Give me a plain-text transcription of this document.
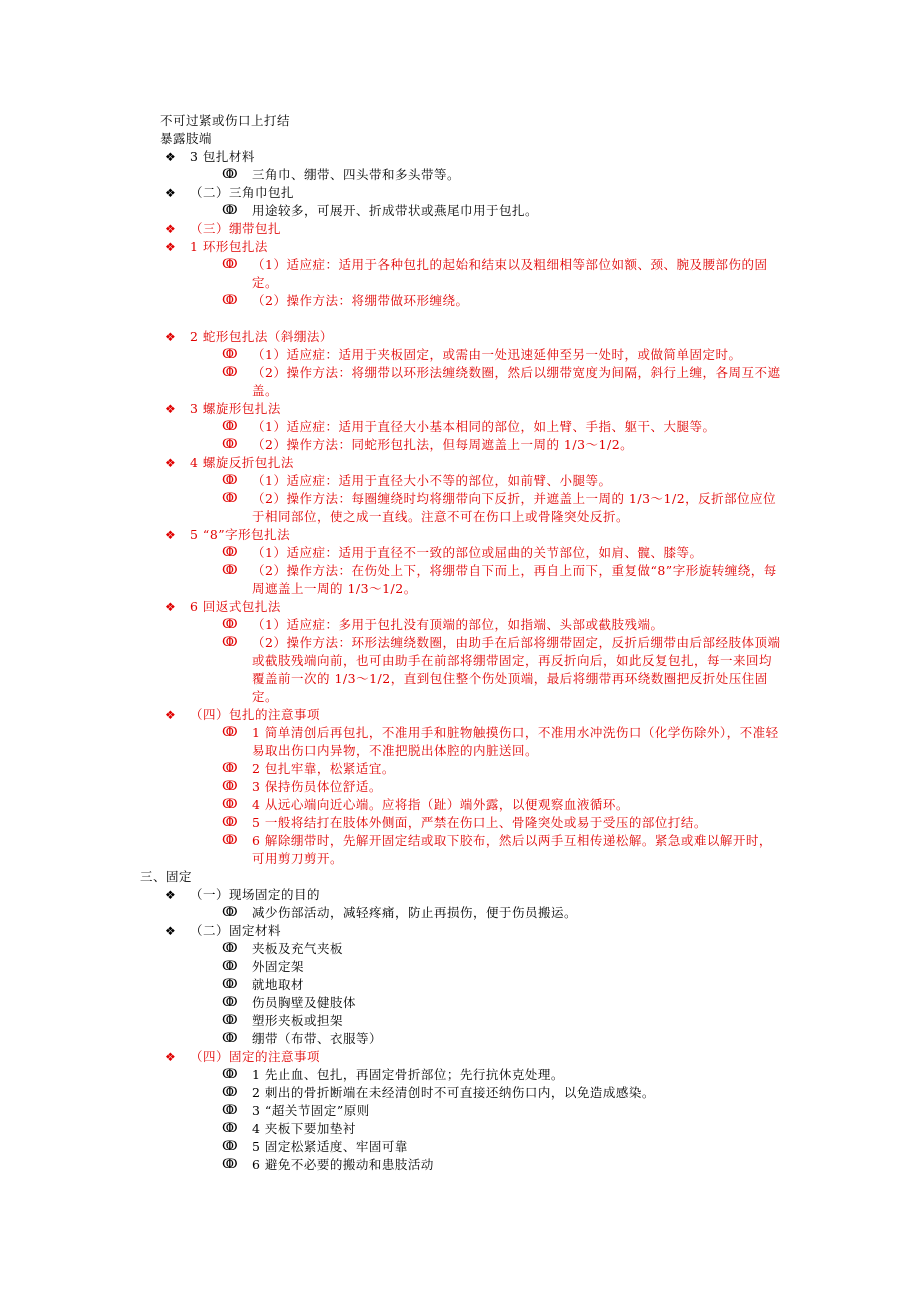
不可过紧或伤口上打结
暴露肢端
❖ 3 包扎材料
ↂ 三角巾、绷带、四头带和多头带等。
❖ （二）三角巾包扎
ↂ 用途较多，可展开、折成带状或燕尾巾用于包扎。
❖ （三）绷带包扎
❖ 1 环形包扎法
ↂ （1）适应症：适用于各种包扎的起始和结束以及粗细相等部位如额、颈、腕及腰部伤的固定。
ↂ （2）操作方法：将绷带做环形缠绕。
❖ 2 蛇形包扎法（斜绷法）
ↂ （1）适应症：适用于夹板固定，或需由一处迅速延伸至另一处时，或做简单固定时。
ↂ （2）操作方法：将绷带以环形法缠绕数圈，然后以绷带宽度为间隔，斜行上缠，各周互不遮盖。
❖ 3 螺旋形包扎法
ↂ （1）适应症：适用于直径大小基本相同的部位，如上臂、手指、躯干、大腿等。
ↂ （2）操作方法：同蛇形包扎法，但每周遮盖上一周的 1/3～1/2。
❖ 4 螺旋反折包扎法
ↂ （1）适应症：适用于直径大小不等的部位，如前臂、小腿等。
ↂ （2）操作方法：每圈缠绕时均将绷带向下反折，并遮盖上一周的 1/3～1/2，反折部位应位于相同部位，使之成一直线。注意不可在伤口上或骨隆突处反折。
❖ 5 “8”字形包扎法
ↂ （1）适应症：适用于直径不一致的部位或屈曲的关节部位，如肩、髋、膝等。
ↂ （2）操作方法：在伤处上下，将绷带自下而上，再自上而下，重复做“8”字形旋转缠绕，每周遮盖上一周的 1/3～1/2。
❖ 6 回返式包扎法
ↂ （1）适应症：多用于包扎没有顶端的部位，如指端、头部或截肢残端。
ↂ （2）操作方法：环形法缠绕数圈，由助手在后部将绷带固定，反折后绷带由后部经肢体顶端或截肢残端向前，也可由助手在前部将绷带固定，再反折向后，如此反复包扎，每一来回均覆盖前一次的 1/3～1/2，直到包住整个伤处顶端，最后将绷带再环绕数圈把反折处压住固定。
❖ （四）包扎的注意事项
ↂ 1 简单清创后再包扎，不准用手和脏物触摸伤口，不准用水冲洗伤口（化学伤除外），不准轻易取出伤口内异物，不准把脱出体腔的内脏送回。
ↂ 2 包扎牢靠，松紧适宜。
ↂ 3 保持伤员体位舒适。
ↂ 4 从远心端向近心端。应将指（趾）端外露，以便观察血液循环。
ↂ 5 一般将结打在肢体外侧面，严禁在伤口上、骨隆突处或易于受压的部位打结。
ↂ 6 解除绷带时，先解开固定结或取下胶布，然后以两手互相传递松解。紧急或难以解开时，可用剪刀剪开。
三、固定
❖ （一）现场固定的目的
ↂ 减少伤部活动，减轻疼痛，防止再损伤，便于伤员搬运。
❖ （二）固定材料
ↂ 夹板及充气夹板
ↂ 外固定架
ↂ 就地取材
ↂ 伤员胸壁及健肢体
ↂ 塑形夹板或担架
ↂ 绷带（布带、衣服等）
❖ （四）固定的注意事项
ↂ 1 先止血、包扎，再固定骨折部位；先行抗休克处理。
ↂ 2 刺出的骨折断端在未经清创时不可直接还纳伤口内，以免造成感染。
ↂ 3 “超关节固定”原则
ↂ 4 夹板下要加垫衬
ↂ 5 固定松紧适度、牢固可靠
ↂ 6 避免不必要的搬动和患肢活动
